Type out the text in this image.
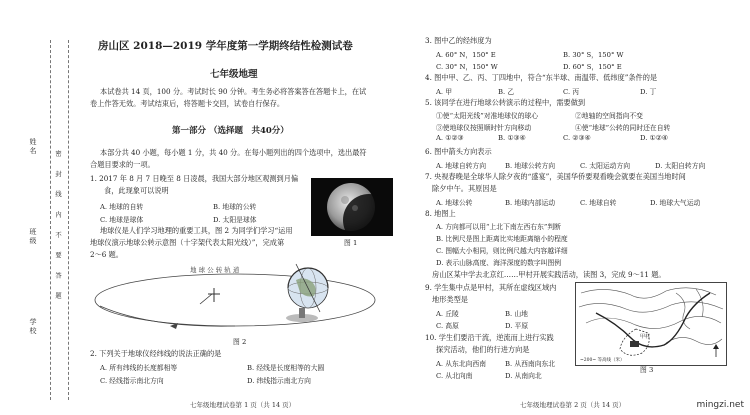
姓名
班级
学校
密 封 线 内 不 要 答 题
房山区 2018—2019 学年度第一学期终结性检测试卷
七年级地理
本试卷共 14 页，100 分。考试时长 90 分钟。考生务必将答案答在答题卡上，在试
卷上作答无效。考试结束后，将答题卡交回，试卷自行保存。
第一部分 （选择题　共40分）
本部分共 40 小题，每小题 1 分，共 40 分。在每小题列出的四个选项中，选出最符
合题目要求的一项。
1. 2017 年 8 月 7 日晚至 8 日凌晨，我国大部分地区观测到月偏
食，此现象可以说明
A. 地球的自转	B. 地球的公转
C. 地球是球体	D. 太阳是球体
图 1
地球仪是人们学习地理的重要工具，图 2 为同学们学习“运用
地球仪演示地球公转示意图（十字架代表太阳光线）”，完成第
2～6 题。
地 球 公 转 轨 道
图 2
2. 下列关于地球仪经纬线的说法正确的是
A. 所有纬线的长度都相等	B. 经线是长度相等的大圆
C. 经线指示南北方向	D. 纬线指示南北方向
七年级地理试卷第 1 页（共 14 页）
3. 图中乙的经纬度为
A. 60° N，150° E	B. 30° S，150° W
C. 30° N，150° W	D. 60° S，150° E
4. 图中甲、乙、丙、丁四地中，符合“东半球、南温带、低纬度”条件的是
A. 甲	B. 乙	C. 丙	D. 丁
5. 该同学在进行地球公转演示的过程中，需要做到
①使“太阳光线”对准地球仪的球心	②地轴的空间指向不变
③使地球仪按照顺时针方向移动	④使“地球”公转的同时还在自转
A. ①②③	B. ①③④	C. ②③④	D. ①②④
6. 图中箭头方向表示
A. 地球自转方向	B. 地球公转方向	C. 太阳运动方向	D. 太阳自转方向
7. 央视春晚是全球华人除夕夜的“盛宴”，美国华侨要观看晚会就要在美国当地时间
除夕中午。其原因是
A. 地球公转	B. 地球内部运动	C. 地球自转	D. 地球大气运动
8. 地图上
A. 方向都可以用“上北下南左西右东”判断
B. 比例尺是图上距离比实地距离缩小的程度
C. 图幅大小相同，则比例尺越大内容越详细
D. 表示山脉高度、海洋深度的数字叫图例
房山区某中学去北京红……甲村开展实践活动，读图 3，完成 9～11 题。
9. 学生集中点是甲村，其所在虚线区域内
地形类型是
A. 丘陵	B. 山地
C. 高原	D. 平原
10. 学生们要沿干流，逆流而上进行实践
探究活动，他们的行进方向是
A. 从东北向西南	B. 从西南向东北
C. 从北向南	D. 从南向北
甲村
~200~ 等高线（米）
图 3
七年级地理试卷第 2 页（共 14 页）	mingzi.net
